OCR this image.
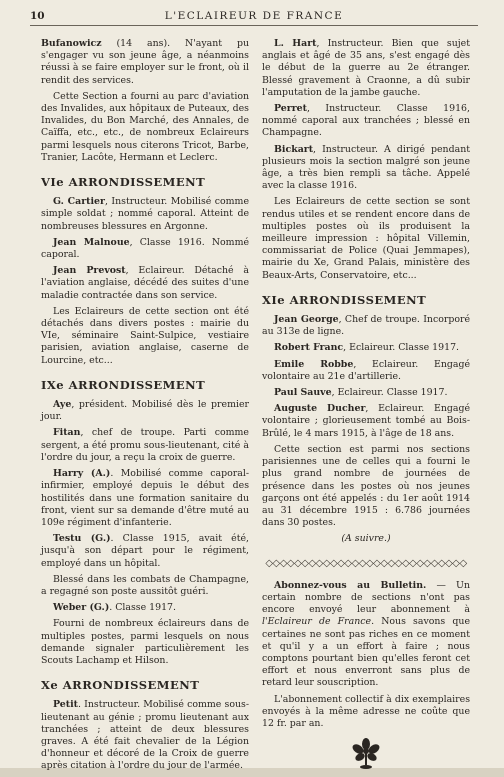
10	L'ECLAIREUR DE FRANCE

Bufanowicz (14 ans). N'ayant pu s'engager vu son jeune âge, a néanmoins réussi à se faire employer sur le front, où il rendit des services.

Cette Section a fourni au parc d'aviation des Invalides, aux hôpitaux de Puteaux, des Invalides, du Bon Marché, des Annales, de Caïffa, etc., etc., de nombreux Eclaireurs parmi lesquels nous citerons Tricot, Barbe, Tranier, Lacôte, Hermann et Leclerc.

VIe ARRONDISSEMENT

G. Cartier, Instructeur. Mobilisé comme simple soldat ; nommé caporal. Atteint de nombreuses blessures en Argonne.

Jean Malnoue, Classe 1916. Nommé caporal.

Jean Prevost, Eclaireur. Détaché à l'aviation anglaise, décédé des suites d'une maladie contractée dans son service.

Les Eclaireurs de cette section ont été détachés dans divers postes : mairie du VIe, séminaire Saint-Sulpice, vestiaire parisien, aviation anglaise, caserne de Lourcine, etc...

IXe ARRONDISSEMENT

Aye, président. Mobilisé dès le premier jour.

Fitan, chef de troupe. Parti comme sergent, a été promu sous-lieutenant, cité à l'ordre du jour, a reçu la croix de guerre.

Harry (A.). Mobilisé comme caporal-infirmier, employé depuis le début des hostilités dans une formation sanitaire du front, vient sur sa demande d'être muté au 109e régiment d'infanterie.

Testu (G.). Classe 1915, avait été, jusqu'à son départ pour le régiment, employé dans un hôpital.

Blessé dans les combats de Champagne, a regagné son poste aussitôt guéri.

Weber (G.). Classe 1917.

Fourni de nombreux éclaireurs dans de multiples postes, parmi lesquels on nous demande signaler particulièrement les Scouts Lachamp et Hilson.

Xe ARRONDISSEMENT

Petit. Instructeur. Mobilisé comme sous-lieutenant au génie ; promu lieutenant aux tranchées ; atteint de deux blessures graves. A été fait chevalier de la Légion d'honneur et décoré de la Croix de guerre après citation à l'ordre du jour de l'armée.

L. Hart, Instructeur. Bien que sujet anglais et âgé de 35 ans, s'est engagé dès le début de la guerre au 2e étranger. Blessé gravement à Craonne, a dû subir l'amputation de la jambe gauche.

Perret, Instructeur. Classe 1916, nommé caporal aux tranchées ; blessé en Champagne.

Bickart, Instructeur. A dirigé pendant plusieurs mois la section malgré son jeune âge, a très bien rempli sa tâche. Appelé avec la classe 1916.

Les Eclaireurs de cette section se sont rendus utiles et se rendent encore dans de multiples postes où ils produisent la meilleure impression : hôpital Villemin, commissariat de Police (Quai Jemmapes), mairie du Xe, Grand Palais, ministère des Beaux-Arts, Conservatoire, etc...

XIe ARRONDISSEMENT

Jean George, Chef de troupe. Incorporé au 313e de ligne.

Robert Franc, Eclaireur. Classe 1917.

Emile Robbe, Eclaireur. Engagé volontaire au 21e d'artillerie.

Paul Sauve, Eclaireur. Classe 1917.

Auguste Ducher, Eclaireur. Engagé volontaire ; glorieusement tombé au Bois-Brûlé, le 4 mars 1915, à l'âge de 18 ans.

Cette section est parmi nos sections parisiennes une de celles qui a fourni le plus grand nombre de journées de présence dans les postes où nos jeunes garçons ont été appelés : du 1er août 1914 au 31 décembre 1915 : 6.786 journées dans 30 postes.

(A suivre.)

◇◇◇◇◇◇◇◇◇◇◇◇◇◇◇◇◇◇◇◇◇◇◇◇◇◇◇◇

Abonnez-vous au Bulletin. — Un certain nombre de sections n'ont pas encore envoyé leur abonnement à l'Eclaireur de France. Nous savons que certaines ne sont pas riches en ce moment et qu'il y a un effort à faire ; nous comptons pourtant bien qu'elles feront cet effort et nous enverront sans plus de retard leur souscription.

L'abonnement collectif à dix exemplaires envoyés à la même adresse ne coûte que 12 fr. par an.
